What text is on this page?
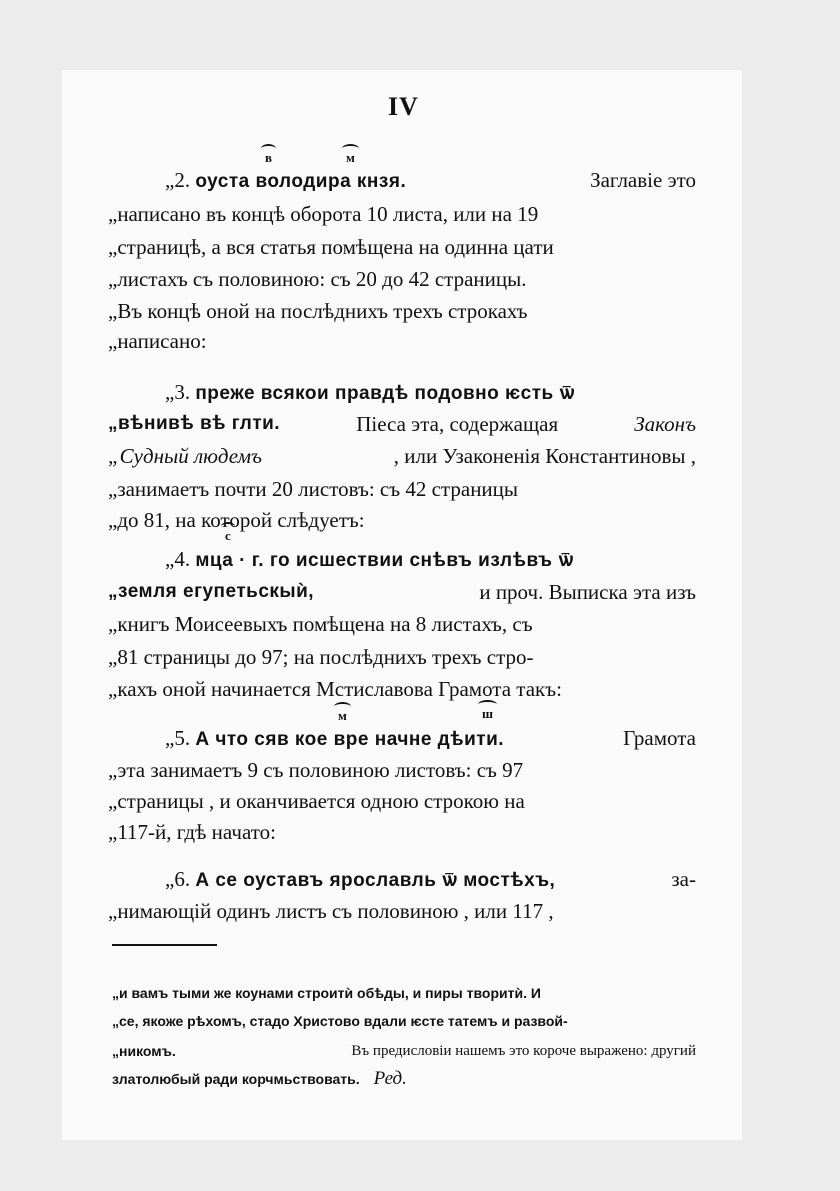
IV
в	м
„2. оуста володира кнзя.	Заглавіе это
„написано въ концѣ оборота 10 листа, или на 19
„страницѣ, а вся статья помѣщена на одинна цати
„листахъ съ половиною: съ 20 до 42 страницы.
„Въ концѣ оной на послѣднихъ трехъ строкахъ
„написано:
„3. преже всякои правдѣ подовно ѥсть ѿ
„вѣнивѣ вѣ глти.	Піеса эта, содержащая	Законъ
„Судный людемъ	, или Узаконенія Константиновы ,
„занимаетъ почти 20 листовъ: съ 42 страницы
„до 81, на которой слѣдуетъ:
с
„4. мца · г. го исшествии снѣвъ излѣвъ ѿ
„земля егупетьскыѝ,	и проч. Выписка эта изъ
„книгъ Моисеевыхъ помѣщена на 8 листахъ, съ
„81 страницы до 97; на послѣднихъ трехъ стро-
„кахъ оной начинается Мстиславова Грамота такъ:
м	ш
„5. А что сяв кое вре начне дѣити.	Грамота
„эта занимаетъ 9 съ половиною листовъ: съ 97
„страницы , и оканчивается одною строкою на
„117-й, гдѣ начато:
„6. А се оуставъ ярославль ѿ мостѣхъ,	за-
„нимающій одинъ листъ съ половиною , или 117 ,
„и вамъ тыми же коунами строитѝ обѣды, и пиры творитѝ. И
„се, якоже рѣхомъ, стадо Христово вдали ѥсте татемъ и развой-
„никомъ.	Въ предисловіи нашемъ это короче выражено: другий
златолюбый ради корчмьствовать. Ред.
